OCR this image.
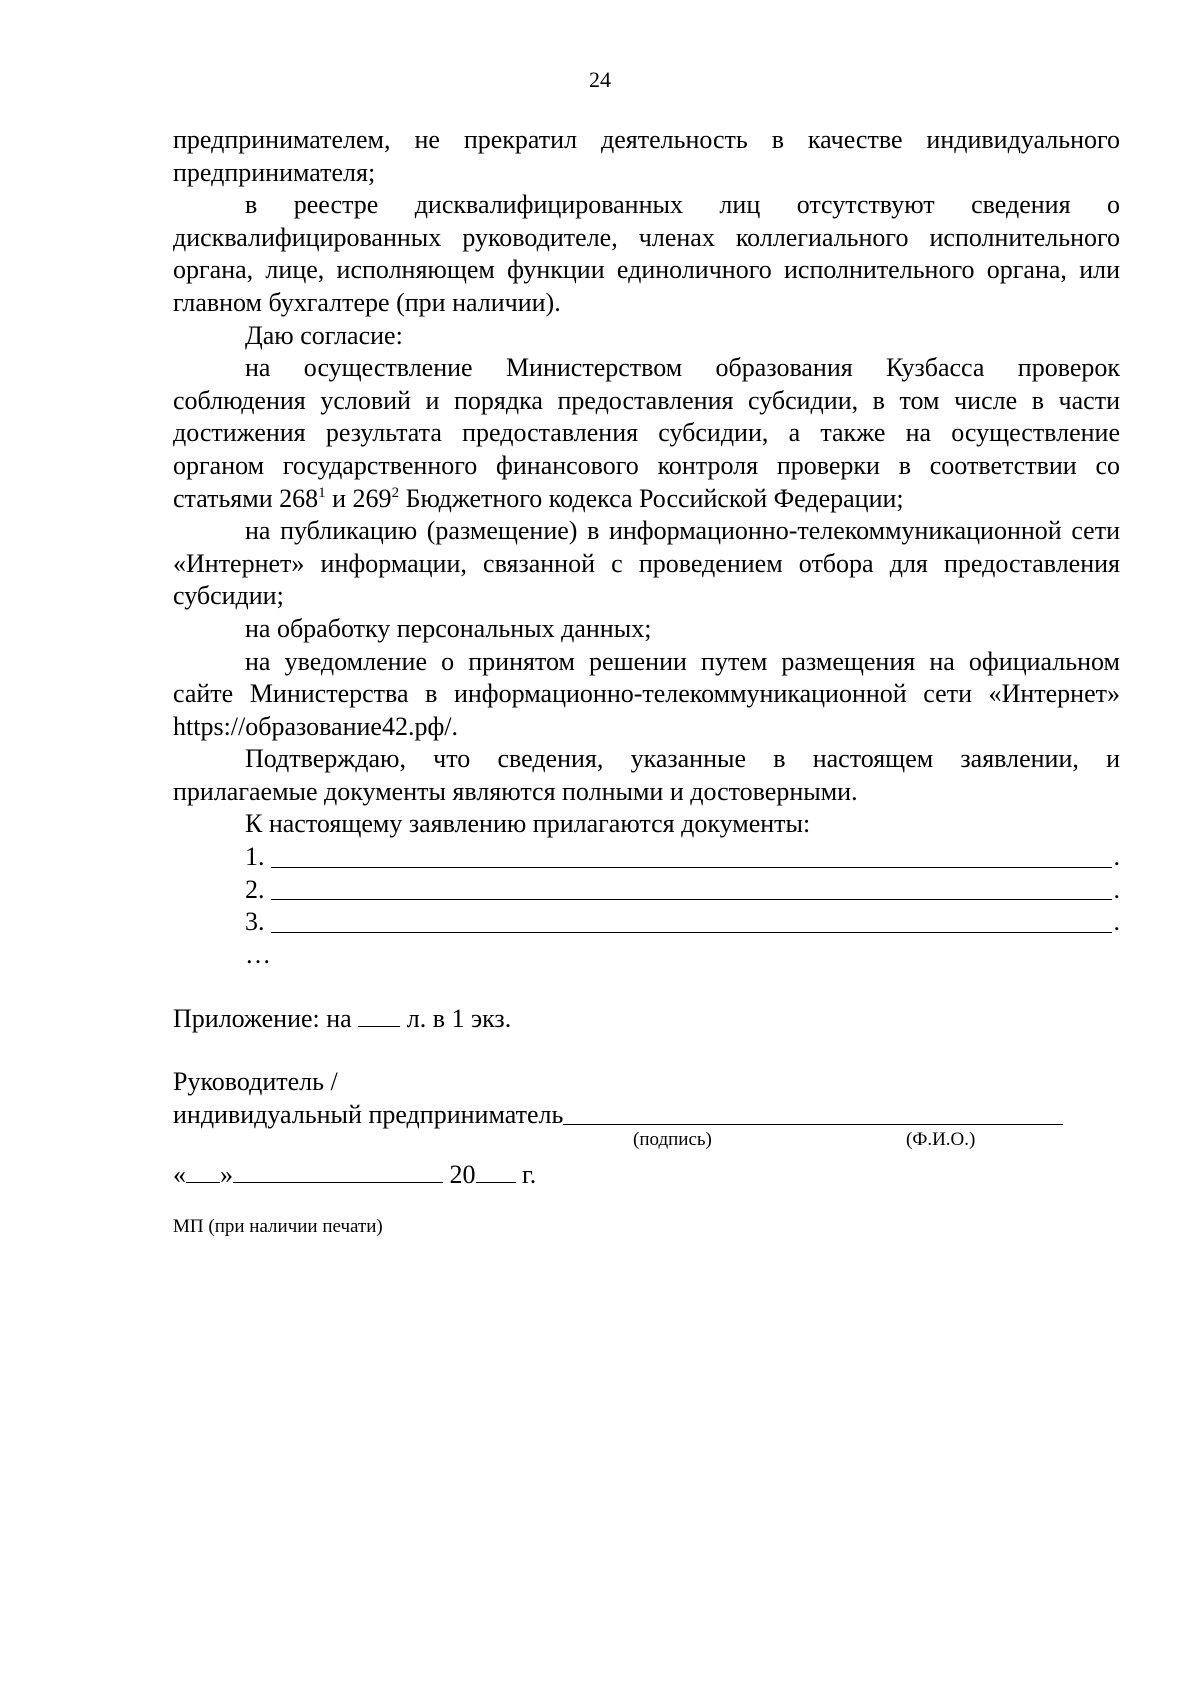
24

предпринимателем, не прекратил деятельность в качестве индивидуального предпринимателя;

в реестре дисквалифицированных лиц отсутствуют сведения о дисквалифицированных руководителе, членах коллегиального исполнительного органа, лице, исполняющем функции единоличного исполнительного органа, или главном бухгалтере (при наличии).

Даю согласие:

на осуществление Министерством образования Кузбасса проверок соблюдения условий и порядка предоставления субсидии, в том числе в части достижения результата предоставления субсидии, а также на осуществление органом государственного финансового контроля проверки в соответствии со статьями $268^1$ и $269^2$ Бюджетного кодекса Российской Федерации;

на публикацию (размещение) в информационно-телекоммуникационной сети «Интернет» информации, связанной с проведением отбора для предоставления субсидии;

на обработку персональных данных;

на уведомление о принятом решении путем размещения на официальном сайте Министерства в информационно-телекоммуникационной сети «Интернет» https://образование42.рф/.

Подтверждаю, что сведения, указанные в настоящем заявлении, и прилагаемые документы являются полными и достоверными.

К настоящему заявлению прилагаются документы:

1.	.
2.	.
3.	.
…
Приложение: на л. в 1 экз.
Руководитель /
индивидуальный предприниматель
(подпись)	(Ф.И.О.)
« »	20 г.
МП (при наличии печати)
